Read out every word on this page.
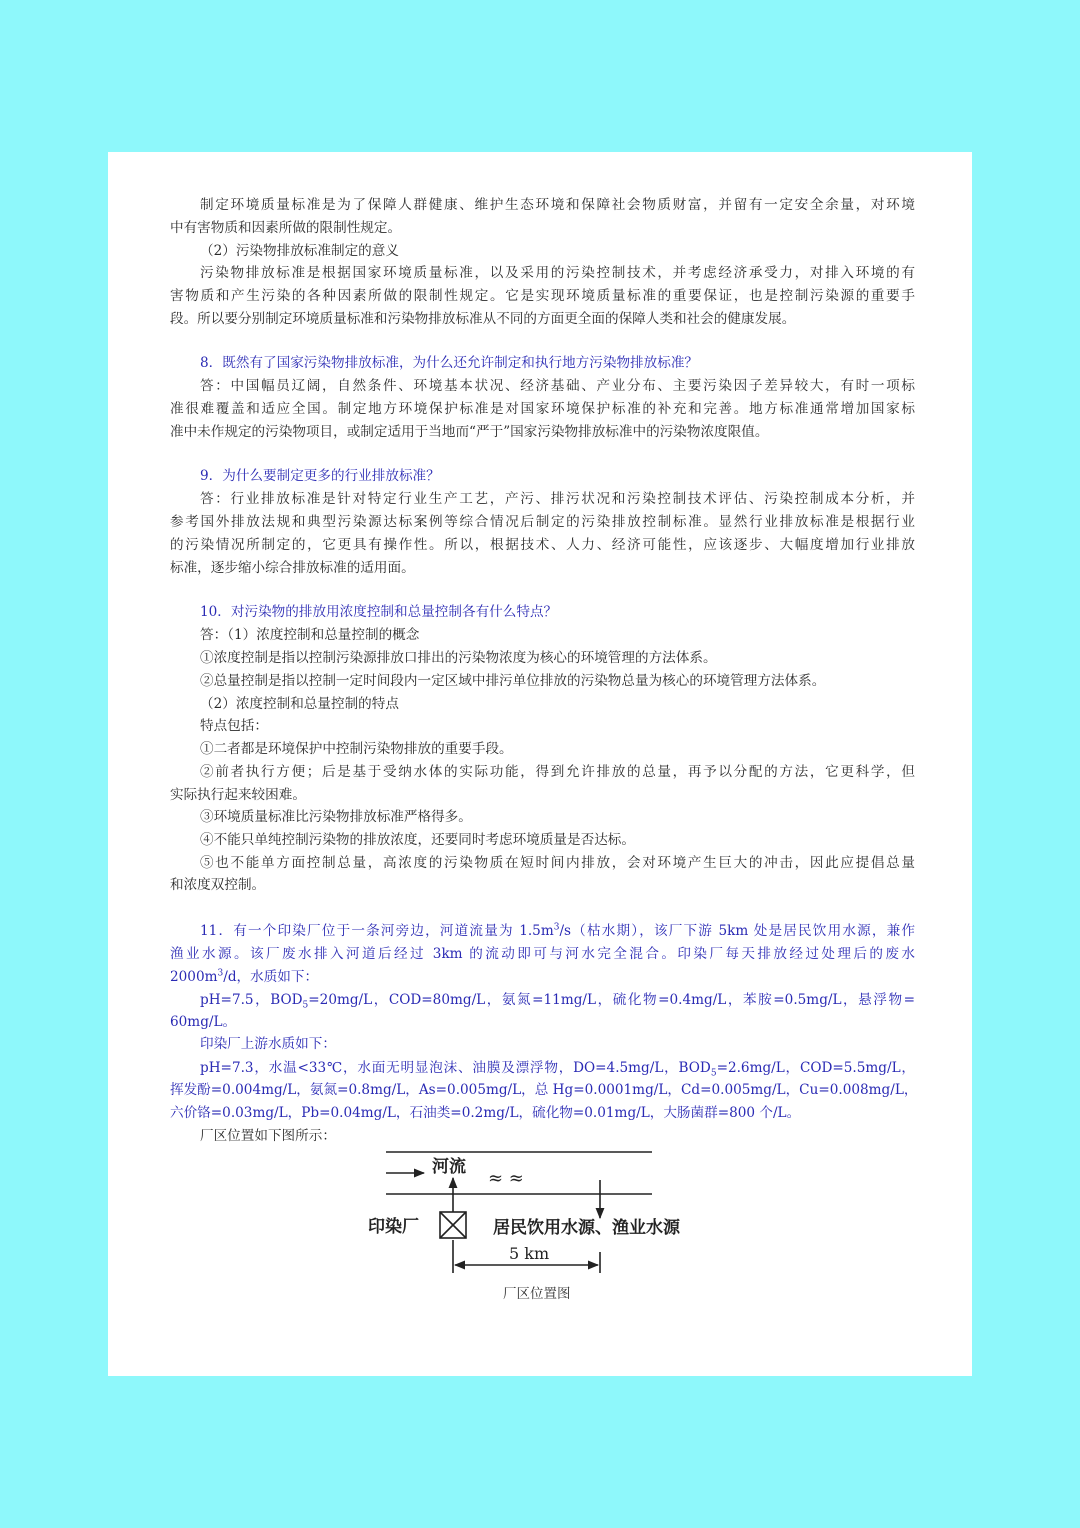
制定环境质量标准是为了保障人群健康、维护生态环境和保障社会物质财富，并留有一定安全余量，对环境

中有害物质和因素所做的限制性规定。

（2）污染物排放标准制定的意义

污染物排放标准是根据国家环境质量标准，以及采用的污染控制技术，并考虑经济承受力，对排入环境的有

害物质和产生污染的各种因素所做的限制性规定。它是实现环境质量标准的重要保证，也是控制污染源的重要手

段。所以要分别制定环境质量标准和污染物排放标准从不同的方面更全面的保障人类和社会的健康发展。

8．既然有了国家污染物排放标准，为什么还允许制定和执行地方污染物排放标准？

答：中国幅员辽阔，自然条件、环境基本状况、经济基础、产业分布、主要污染因子差异较大，有时一项标

准很难覆盖和适应全国。制定地方环境保护标准是对国家环境保护标准的补充和完善。地方标准通常增加国家标

准中未作规定的污染物项目，或制定适用于当地而“严于”国家污染物排放标准中的污染物浓度限值。

9．为什么要制定更多的行业排放标准？

答：行业排放标准是针对特定行业生产工艺，产污、排污状况和污染控制技术评估、污染控制成本分析，并

参考国外排放法规和典型污染源达标案例等综合情况后制定的污染排放控制标准。显然行业排放标准是根据行业

的污染情况所制定的，它更具有操作性。所以，根据技术、人力、经济可能性，应该逐步、大幅度增加行业排放

标准，逐步缩小综合排放标准的适用面。

10．对污染物的排放用浓度控制和总量控制各有什么特点？

答：（1）浓度控制和总量控制的概念

①浓度控制是指以控制污染源排放口排出的污染物浓度为核心的环境管理的方法体系。

②总量控制是指以控制一定时间段内一定区域中排污单位排放的污染物总量为核心的环境管理方法体系。

（2）浓度控制和总量控制的特点

特点包括：

①二者都是环境保护中控制污染物排放的重要手段。

②前者执行方便；后是基于受纳水体的实际功能，得到允许排放的总量，再予以分配的方法，它更科学，但

实际执行起来较困难。

③环境质量标准比污染物排放标准严格得多。

④不能只单纯控制污染物的排放浓度，还要同时考虑环境质量是否达标。

⑤也不能单方面控制总量，高浓度的污染物质在短时间内排放，会对环境产生巨大的冲击，因此应提倡总量

和浓度双控制。

11．有一个印染厂位于一条河旁边，河道流量为 $1.5m^3/s$（枯水期），该厂下游 5km 处是居民饮用水源，兼作

渔业水源。该厂废水排入河道后经过 3km 的流动即可与河水完全混合。印染厂每天排放经过处理后的废水

$2000m^3/d$，水质如下：

pH=7.5，$BOD_5=20mg/L$，COD=80mg/L，氨氮=11mg/L，硫化物=0.4mg/L，苯胺=0.5mg/L，悬浮物=

60mg/L。

印染厂上游水质如下：

pH=7.3，水温<33℃，水面无明显泡沫、油膜及漂浮物，DO=4.5mg/L，$BOD_5=2.6mg/L$，COD=5.5mg/L，

挥发酚=0.004mg/L，氨氮=0.8mg/L，As=0.005mg/L，总 Hg=0.0001mg/L，Cd=0.005mg/L，Cu=0.008mg/L，

六价铬=0.03mg/L，Pb=0.04mg/L，石油类=0.2mg/L，硫化物=0.01mg/L，大肠菌群=800 个/L。

厂区位置如下图所示：

河流
≈ ≈
印染厂	居民饮用水源、渔业水源
5 km
厂区位置图
